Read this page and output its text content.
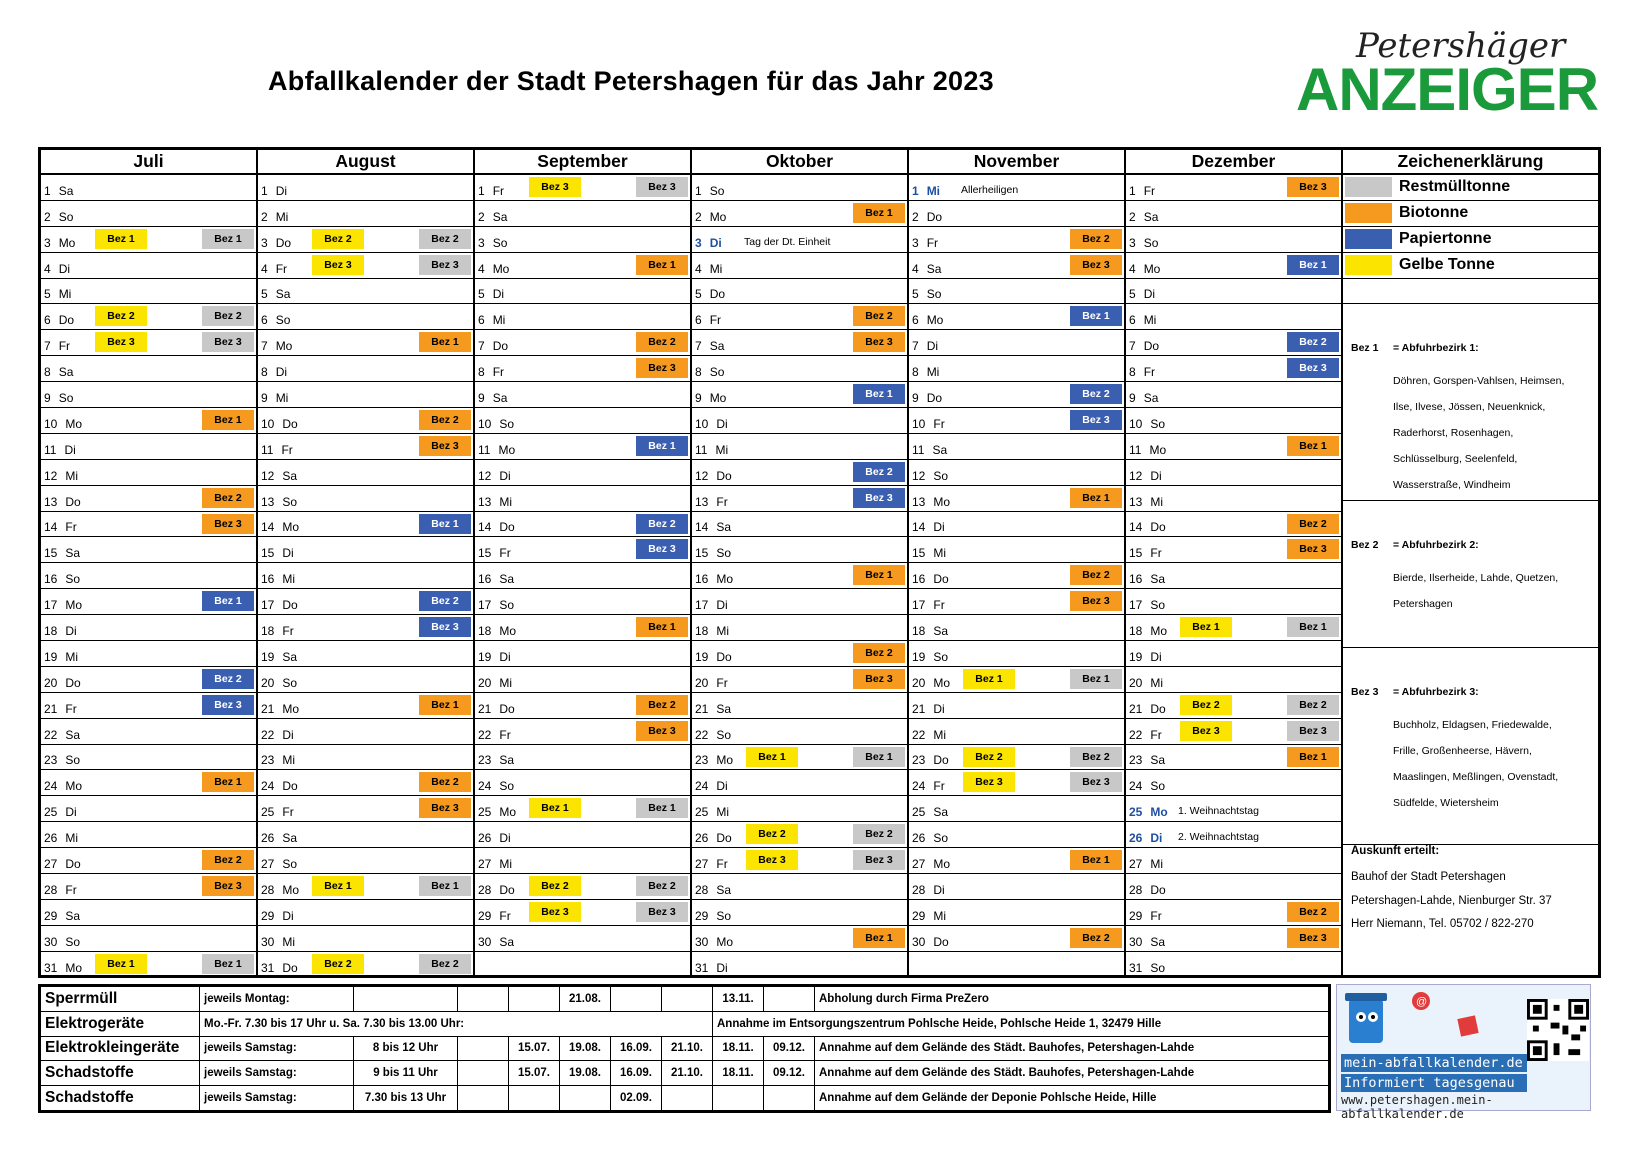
Abfallkalender der Stadt Petershagen für das Jahr 2023
Petershäger
ANZEIGER
Juli
1 Sa
2 So
3 Mo	Bez 1	Bez 1
4 Di
5 Mi
6 Do	Bez 2	Bez 2
7 Fr	Bez 3	Bez 3
8 Sa
9 So
10 Mo	Bez 1
11 Di
12 Mi
13 Do	Bez 2
14 Fr	Bez 3
15 Sa
16 So
17 Mo	Bez 1
18 Di
19 Mi
20 Do	Bez 2
21 Fr	Bez 3
22 Sa
23 So
24 Mo	Bez 1
25 Di
26 Mi
27 Do	Bez 2
28 Fr	Bez 3
29 Sa
30 So
31 Mo	Bez 1	Bez 1
August
1 Di
2 Mi
3 Do	Bez 2	Bez 2
4 Fr	Bez 3	Bez 3
5 Sa
6 So
7 Mo	Bez 1
8 Di
9 Mi
10 Do	Bez 2
11 Fr	Bez 3
12 Sa
13 So
14 Mo	Bez 1
15 Di
16 Mi
17 Do	Bez 2
18 Fr	Bez 3
19 Sa
20 So
21 Mo	Bez 1
22 Di
23 Mi
24 Do	Bez 2
25 Fr	Bez 3
26 Sa
27 So
28 Mo	Bez 1	Bez 1
29 Di
30 Mi
31 Do	Bez 2	Bez 2
September
1 Fr	Bez 3	Bez 3
2 Sa
3 So
4 Mo	Bez 1
5 Di
6 Mi
7 Do	Bez 2
8 Fr	Bez 3
9 Sa
10 So
11 Mo	Bez 1
12 Di
13 Mi
14 Do	Bez 2
15 Fr	Bez 3
16 Sa
17 So
18 Mo	Bez 1
19 Di
20 Mi
21 Do	Bez 2
22 Fr	Bez 3
23 Sa
24 So
25 Mo	Bez 1	Bez 1
26 Di
27 Mi
28 Do	Bez 2	Bez 2
29 Fr	Bez 3	Bez 3
30 Sa
Oktober
1 So
2 Mo	Bez 1
3 Di Tag der Dt. Einheit
4 Mi
5 Do
6 Fr	Bez 2
7 Sa	Bez 3
8 So
9 Mo	Bez 1
10 Di
11 Mi
12 Do	Bez 2
13 Fr	Bez 3
14 Sa
15 So
16 Mo	Bez 1
17 Di
18 Mi
19 Do	Bez 2
20 Fr	Bez 3
21 Sa
22 So
23 Mo	Bez 1	Bez 1
24 Di
25 Mi
26 Do	Bez 2	Bez 2
27 Fr	Bez 3	Bez 3
28 Sa
29 So
30 Mo	Bez 1
31 Di
November
1 Mi Allerheiligen
2 Do
3 Fr	Bez 2
4 Sa	Bez 3
5 So
6 Mo	Bez 1
7 Di
8 Mi
9 Do	Bez 2
10 Fr	Bez 3
11 Sa
12 So
13 Mo	Bez 1
14 Di
15 Mi
16 Do	Bez 2
17 Fr	Bez 3
18 Sa
19 So
20 Mo	Bez 1	Bez 1
21 Di
22 Mi
23 Do	Bez 2	Bez 2
24 Fr	Bez 3	Bez 3
25 Sa
26 So
27 Mo	Bez 1
28 Di
29 Mi
30 Do	Bez 2
Dezember
1 Fr	Bez 3
2 Sa
3 So
4 Mo	Bez 1
5 Di
6 Mi
7 Do	Bez 2
8 Fr	Bez 3
9 Sa
10 So
11 Mo	Bez 1
12 Di
13 Mi
14 Do	Bez 2
15 Fr	Bez 3
16 Sa
17 So
18 Mo	Bez 1	Bez 1
19 Di
20 Mi
21 Do	Bez 2	Bez 2
22 Fr	Bez 3	Bez 3
23 Sa	Bez 1
24 So
25 Mo 1. Weihnachtstag
26 Di 2. Weihnachtstag
27 Mi
28 Do
29 Fr	Bez 2
30 Sa	Bez 3
31 So
Zeichenerklärung
Restmülltonne
Biotonne
Papiertonne
Gelbe Tonne
Bez 1 = Abfuhrbezirk 1:
Döhren, Gorspen-Vahlsen, Heimsen,
Ilse, Ilvese, Jössen, Neuenknick,
Raderhorst, Rosenhagen,
Schlüsselburg, Seelenfeld,
Wasserstraße, Windheim
Bez 2 = Abfuhrbezirk 2:
Bierde, Ilserheide, Lahde, Quetzen,
Petershagen
Bez 3 = Abfuhrbezirk 3:
Buchholz, Eldagsen, Friedewalde,
Frille, Großenheerse, Hävern,
Maaslingen, Meßlingen, Ovenstadt,
Südfelde, Wietersheim
Auskunft erteilt:
Bauhof der Stadt Petershagen
Petershagen-Lahde, Nienburger Str. 37
Herr Niemann, Tel. 05702 / 822-270
Sperrmüll	jeweils Montag:				21.08.			13.11.		Abholung durch Firma PreZero
Elektrogeräte	Mo.-Fr. 7.30 bis 17 Uhr u. Sa. 7.30 bis 13.00 Uhr:							Annahme im Entsorgungszentrum Pohlsche Heide, Pohlsche Heide 1, 32479 Hille		
Elektrokleingeräte	jeweils Samstag:	8 bis 12 Uhr		15.07.	19.08.	16.09.	21.10.	18.11.	09.12.	Annahme auf dem Gelände des Städt. Bauhofes, Petershagen-Lahde
Schadstoffe	jeweils Samstag:	9 bis 11 Uhr		15.07.	19.08.	16.09.	21.10.	18.11.	09.12.	Annahme auf dem Gelände des Städt. Bauhofes, Petershagen-Lahde
Schadstoffe	jeweils Samstag:	7.30 bis 13 Uhr				02.09.				Annahme auf dem Gelände der Deponie Pohlsche Heide, Hille
@
mein-abfallkalender.de
Informiert tagesgenau
www.petershagen.mein-abfallkalender.de
